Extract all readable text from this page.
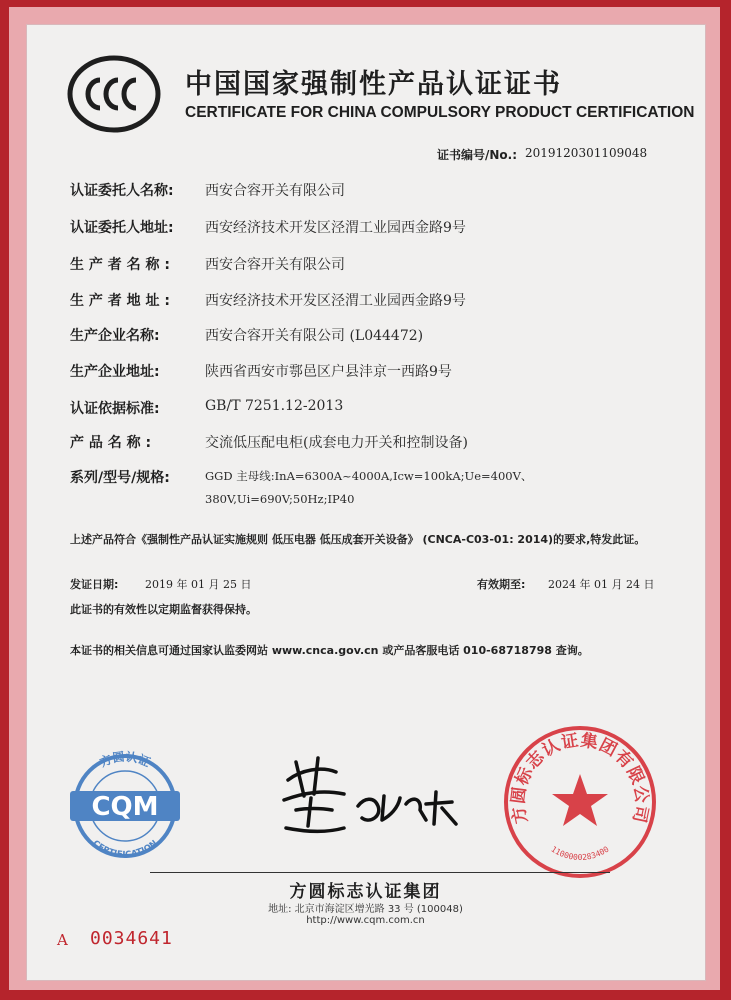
中国国家强制性产品认证证书
CERTIFICATE FOR CHINA COMPULSORY PRODUCT CERTIFICATION
证书编号/No.: 2019120301109048
认证委托人名称: 西安合容开关有限公司
认证委托人地址: 西安经济技术开发区泾渭工业园西金路9号
生 产 者 名 称 :	西安合容开关有限公司
生 产 者 地 址 :	西安经济技术开发区泾渭工业园西金路9号
生产企业名称:	西安合容开关有限公司 (L044472)
生产企业地址:	陕西省西安市鄠邑区户县沣京一西路9号
认证依据标准:	GB/T 7251.12-2013
产 品 名 称 :	交流低压配电柜(成套电力开关和控制设备)
系列/型号/规格:	GGD 主母线:InA=6300A~4000A,Icw=100kA;Ue=400V、
380V,Ui=690V;50Hz;IP40
上述产品符合《强制性产品认证实施规则 低压电器 低压成套开关设备》 (CNCA-C03-01: 2014)的要求,特发此证。
发证日期: 2019 年 01 月 25 日	有效期至: 2024 年 01 月 24 日
此证书的有效性以定期监督获得保持。
本证书的相关信息可通过国家认监委网站 www.cnca.gov.cn 或产品客服电话 010-68718798 查询。
方圆认证
CQM
CERTIFICATION
方圆标志认证集团有限公司
1100000283400
方圆标志认证集团
地址: 北京市海淀区增光路 33 号 (100048)
http://www.cqm.com.cn
A 0034641
